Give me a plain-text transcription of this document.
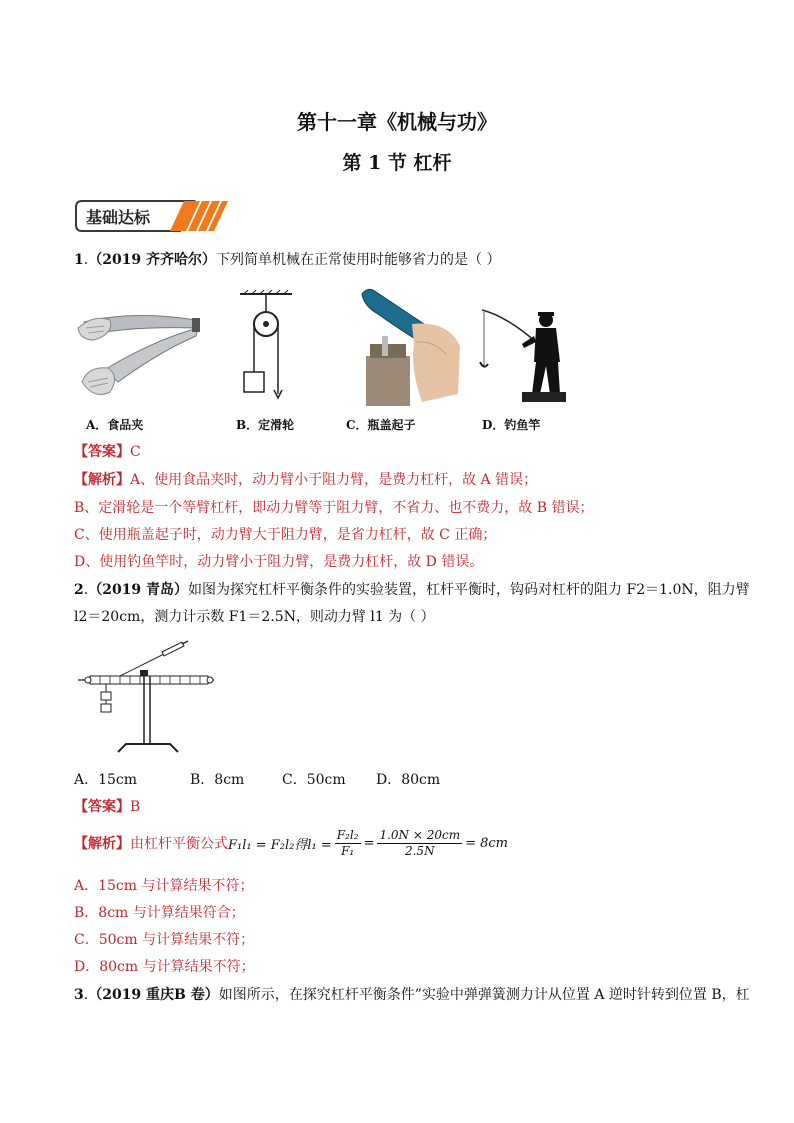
第十一章《机械与功》
第 1 节 杠杆
基础达标
1.（2019 齐齐哈尔）下列简单机械在正常使用时能够省力的是（ ）
A．食品夹	B．定滑轮	C．瓶盖起子	D．钓鱼竿
【答案】C
【解析】A、使用食品夹时，动力臂小于阻力臂，是费力杠杆，故 A 错误；
B、定滑轮是一个等臂杠杆，即动力臂等于阻力臂，不省力、也不费力，故 B 错误；
C、使用瓶盖起子时，动力臂大于阻力臂，是省力杠杆，故 C 正确；
D、使用钓鱼竿时，动力臂小于阻力臂，是费力杠杆，故 D 错误。
2.（2019 青岛）如图为探究杠杆平衡条件的实验装置，杠杆平衡时，钩码对杠杆的阻力 F2＝1.0N，阻力臂
l2＝20cm，测力计示数 F1＝2.5N，则动力臂 l1 为（ ）
A．15cm	B．8cm	C．50cm D．80cm
【答案】B
【解析】 由杠杆平衡公式 F₁l₁ = F₂l₂得$l_1 = \frac{\text{F₂l₂}}{\text{F₁}} = \frac{1.0N \times 20cm}{2.5N} = 8cm$
A．15cm 与计算结果不符；
B．8cm 与计算结果符合；
C．50cm 与计算结果不符；
D．80cm 与计算结果不符；
3.（2019 重庆B 卷）如图所示，在探究杠杆平衡条件”实验中弹弹簧测力计从位置 A 逆时针转到位置 B，杠
